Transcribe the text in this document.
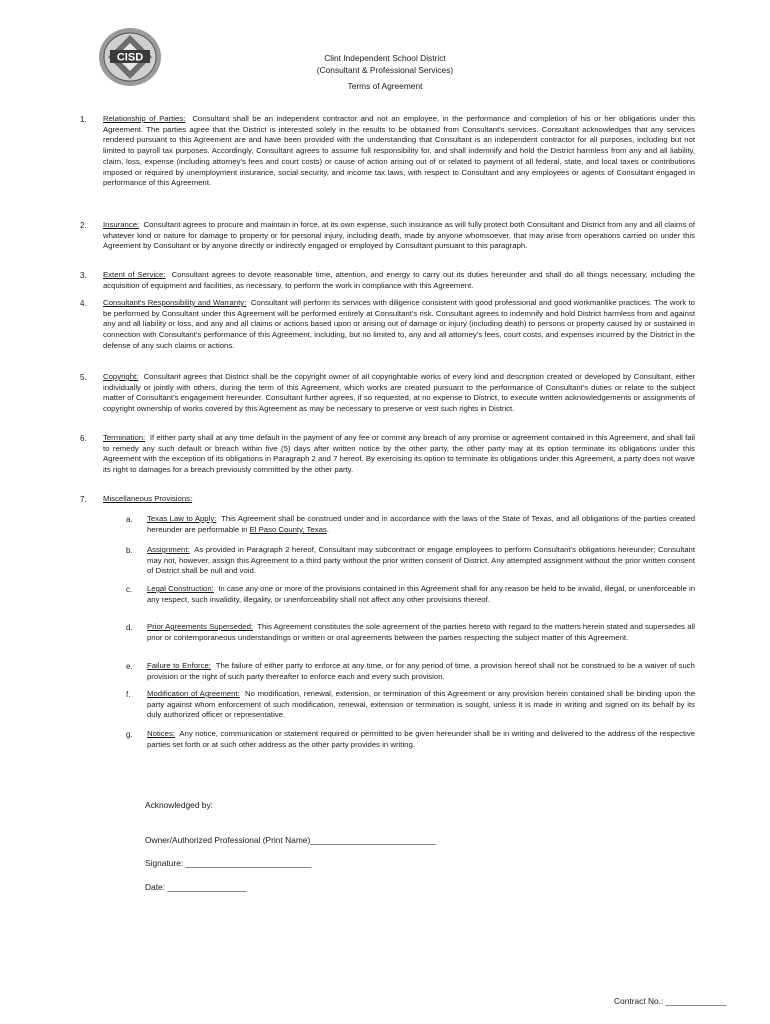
CISD	Clint Independent School District
(Consultant & Professional Services)
Terms of Agreement
1. Relationship of Parties: Consultant shall be an independent contractor and not an employee, in the performance and completion of his or her obligations under this Agreement. The parties agree that the District is interested solely in the results to be obtained from Consultant's services. Consultant acknowledges that any services rendered pursuant to this Agreement are and have been provided with the understanding that Consultant is an independent contractor for all purposes, including but not limited to payroll tax purposes. Accordingly, Consultant agrees to assume full responsibility for, and shall indemnify and hold the District harmless from any and all liability, claim, loss, expense (including attorney's fees and court costs) or cause of action arising out of or related to payment of all federal, state, and local taxes or contributions imposed or required by unemployment insurance, social security, and income tax laws, with respect to Consultant and any employees or agents of Consultant engaged in performance of this Agreement.

2. Insurance: Consultant agrees to procure and maintain in force, at its own expense, such insurance as will fully protect both Consultant and District from any and all claims of whatever kind or nature for damage to property or for personal injury, including death, made by anyone whomsoever, that may arise from operations carried on under this Agreement by Consultant or by anyone directly or indirectly engaged or employed by Consultant pursuant to this paragraph.

3. Extent of Service: Consultant agrees to devote reasonable time, attention, and energy to carry out its duties hereunder and shall do all things necessary, including the acquisition of equipment and facilities, as necessary, to perform the work in compliance with this Agreement.

4. Consultant's Responsibility and Warranty: Consultant will perform its services with diligence consistent with good professional and good workmanlike practices. The work to be performed by Consultant under this Agreement will be performed entirely at Consultant's risk. Consultant agrees to indemnify and hold District harmless from and against any and all liability or loss, and any and all claims or actions based upon or arising out of damage or injury (including death) to persons or property caused by or sustained in connection with Consultant's performance of this Agreement, including, but no limited to, any and all attorney's fees, court costs, and expenses incurred by the District in the defense of any such claims or actions.

5. Copyright: Consultant agrees that District shall be the copyright owner of all copyrightable works of every kind and description created or developed by Consultant, either individually or jointly with others, during the term of this Agreement, which works are created pursuant to the performance of Consultant's duties or relate to the subject matter of Consultant's engagement hereunder. Consultant further agrees, if so requested, at no expense to District, to execute written acknowledgements or assignments of copyright ownership of works covered by this Agreement as may be necessary to preserve or vest such rights in District.

6. Termination: If either party shall at any time default in the payment of any fee or commit any breach of any promise or agreement contained in this Agreement, and shall fail to remedy any such default or breach within five (5) days after written notice by the other party, the other party may at its option terminate its obligations under this Agreement with the exception of its obligations in Paragraph 2 and 7 hereof. By exercising its option to terminate its obligations under this Agreement, a party does not waive its right to damages for a breach previously committed by the other party.

7. Miscellaneous Provisions:

a. Texas Law to Apply: This Agreement shall be construed under and in accordance with the laws of the State of Texas, and all obligations of the parties created hereunder are performable in El Paso County, Texas.

b. Assignment: As provided in Paragraph 2 hereof, Consultant may subcontract or engage employees to perform Consultant's obligations hereunder; Consultant may not, however, assign this Agreement to a third party without the prior written consent of District. Any attempted assignment without the prior written consent of District shall be null and void.

c. Legal Construction: In case any one or more of the provisions contained in this Agreement shall for any reason be held to be invalid, illegal, or unenforceable in any respect, such invalidity, illegality, or unenforceability shall not affect any other provisions thereof.

d. Prior Agreements Superseded: This Agreement constitutes the sole agreement of the parties hereto with regard to the matters herein stated and supersedes all prior or contemporaneous understandings or written or oral agreements between the parties respecting the subject matter of this Agreement.

e. Failure to Enforce: The failure of either party to enforce at any time, or for any period of time, a provision hereof shall not be construed to be a waiver of such provision or the right of such party thereafter to enforce each and every such provision.

f. Modification of Agreement: No modification, renewal, extension, or termination of this Agreement or any provision herein contained shall be binding upon the party against whom enforcement of such modification, renewal, extension or termination is sought, unless it is made in writing and signed on its behalf by its duly authorized officer or representative.

g. Notices: Any notice, communication or statement required or permitted to be given hereunder shall be in writing and delivered to the address of the respective parties set forth or at such other address as the other party provides in writing.

Acknowledged by:
Owner/Authorized Professional (Print Name)___________________________
Signature: ___________________________
Date: _________________
Contract No.: _____________
